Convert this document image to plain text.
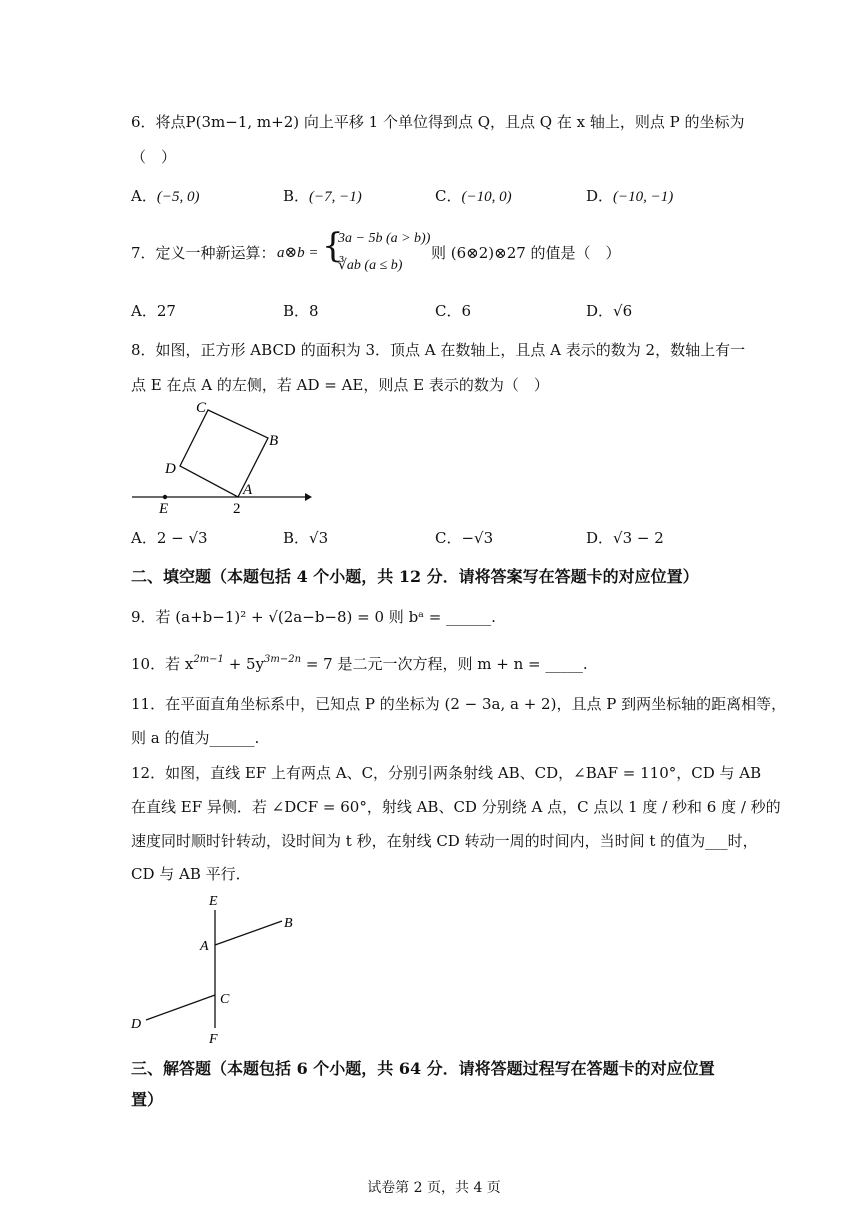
6．将点P(3m−1, m+2) 向上平移 1 个单位得到点 Q，且点 Q 在 x 轴上，则点 P 的坐标为
（　）
A．(−5, 0)	B．(−7, −1)	C．(−10, 0)	D．(−10, −1)
7．定义一种新运算： a⊗b = {
3a − 5b (a > b))
∛ab (a ≤ b)
则 (6⊗2)⊗27 的值是（　）
A．27	B．8	C．6	D．√6
8．如图，正方形 ABCD 的面积为 3．顶点 A 在数轴上，且点 A 表示的数为 2，数轴上有一
点 E 在点 A 的左侧，若 AD = AE，则点 E 表示的数为（　）
C
B
D
A
E	2
A．2 − √3	B．√3	C．−√3	D．√3 − 2
二、填空题（本题包括 4 个小题，共 12 分．请将答案写在答题卡的对应位置）
9．若 (a+b−1)² + √(2a−b−8) = 0 则 bᵃ = ______.
10．若 $x^{2m-1} + 5y^{3m-2n} = 7$ 是二元一次方程，则 m + n = _____.
11．在平面直角坐标系中，已知点 P 的坐标为 (2 − 3a, a + 2)，且点 P 到两坐标轴的距离相等，
则 a 的值为______.
12．如图，直线 EF 上有两点 A、C，分别引两条射线 AB、CD，∠BAF = 110°，CD 与 AB
在直线 EF 异侧．若 ∠DCF = 60°，射线 AB、CD 分别绕 A 点，C 点以 1 度 / 秒和 6 度 / 秒的
速度同时顺时针转动，设时间为 t 秒，在射线 CD 转动一周的时间内，当时间 t 的值为___时，
CD 与 AB 平行．
E
B
A
C
D
F
三、解答题（本题包括 6 个小题，共 64 分．请将答题过程写在答题卡的对应位置
置）
试卷第 2 页，共 4 页
